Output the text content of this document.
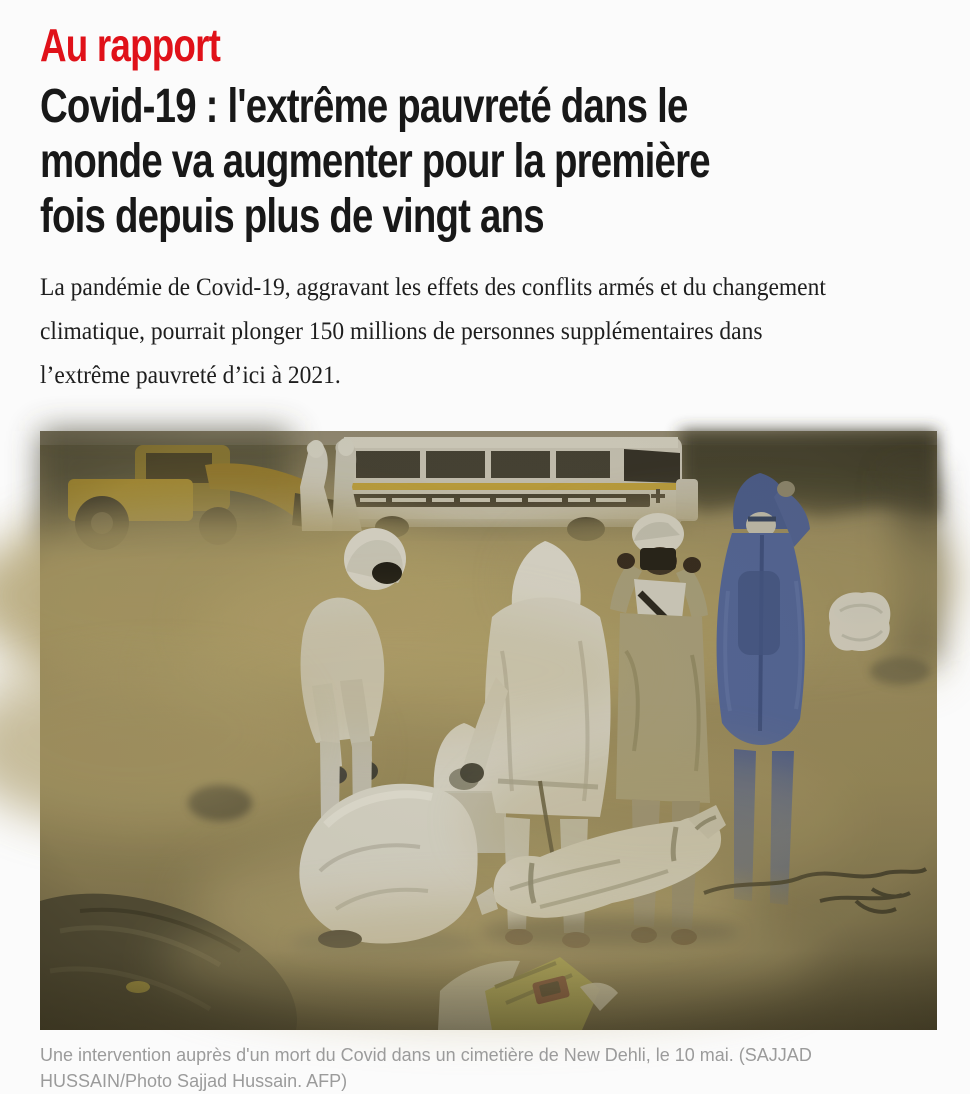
Au rapport
Covid-19 : l'extrême pauvreté dans le
monde va augmenter pour la première
fois depuis plus de vingt ans

La pandémie de Covid-19, aggravant les effets des conflits armés et du changement
climatique, pourrait plonger 150 millions de personnes supplémentaires dans
l’extrême pauvreté d’ici à 2021.

Une intervention auprès d'un mort du Covid dans un cimetière de New Dehli, le 10 mai. (SAJJAD
HUSSAIN/Photo Sajjad Hussain. AFP)
